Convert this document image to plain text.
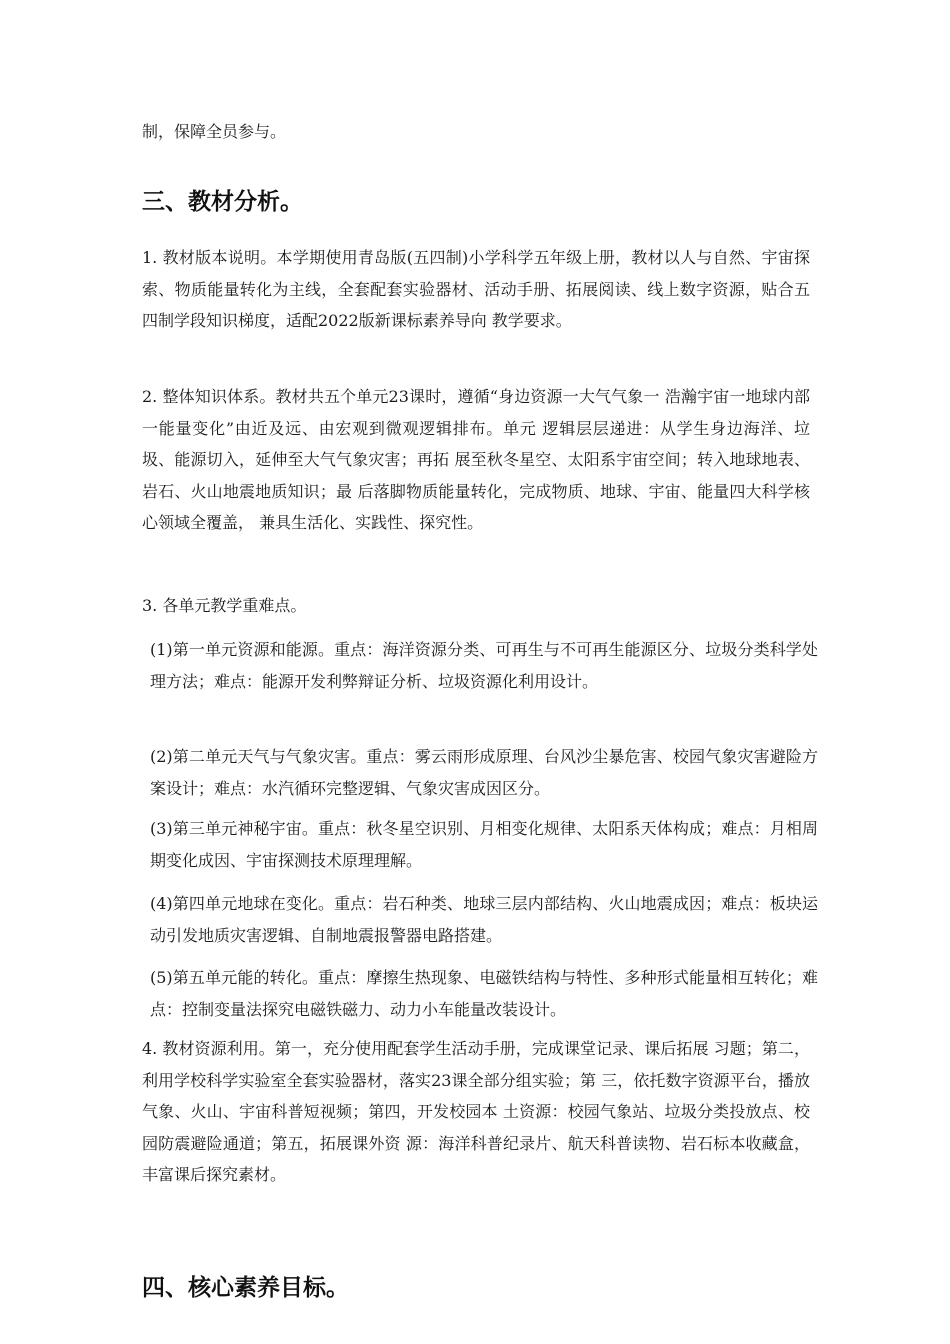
制，保障全员参与。

三、教材分析。

1. 教材版本说明。本学期使用青岛版(五四制)小学科学五年级上册，教材以人与自然、宇宙探索、物质能量转化为主线，全套配套实验器材、活动手册、拓展阅读、线上数字资源，贴合五四制学段知识梯度，适配2022版新课标素养导向 教学要求。

2. 整体知识体系。教材共五个单元23课时，遵循“身边资源一大气气象一 浩瀚宇宙一地球内部一能量变化”由近及远、由宏观到微观逻辑排布。单元 逻辑层层递进：从学生身边海洋、垃圾、能源切入，延伸至大气气象灾害；再拓 展至秋冬星空、太阳系宇宙空间；转入地球地表、岩石、火山地震地质知识；最 后落脚物质能量转化，完成物质、地球、宇宙、能量四大科学核心领域全覆盖， 兼具生活化、实践性、探究性。

3. 各单元教学重难点。

(1)第一单元资源和能源。重点：海洋资源分类、可再生与不可再生能源区分、垃圾分类科学处理方法；难点：能源开发利弊辩证分析、垃圾资源化利用设计。

(2)第二单元天气与气象灾害。重点：雾云雨形成原理、台风沙尘暴危害、校园气象灾害避险方案设计；难点：水汽循环完整逻辑、气象灾害成因区分。

(3)第三单元神秘宇宙。重点：秋冬星空识别、月相变化规律、太阳系天体构成；难点：月相周期变化成因、宇宙探测技术原理理解。

(4)第四单元地球在变化。重点：岩石种类、地球三层内部结构、火山地震成因；难点：板块运动引发地质灾害逻辑、自制地震报警器电路搭建。

(5)第五单元能的转化。重点：摩擦生热现象、电磁铁结构与特性、多种形式能量相互转化；难点：控制变量法探究电磁铁磁力、动力小车能量改装设计。

4. 教材资源利用。第一，充分使用配套学生活动手册，完成课堂记录、课后拓展 习题；第二，利用学校科学实验室全套实验器材，落实23课全部分组实验；第 三，依托数字资源平台，播放气象、火山、宇宙科普短视频；第四，开发校园本 土资源：校园气象站、垃圾分类投放点、校园防震避险通道；第五，拓展课外资 源：海洋科普纪录片、航天科普读物、岩石标本收藏盒，丰富课后探究素材。

四、核心素养目标。
